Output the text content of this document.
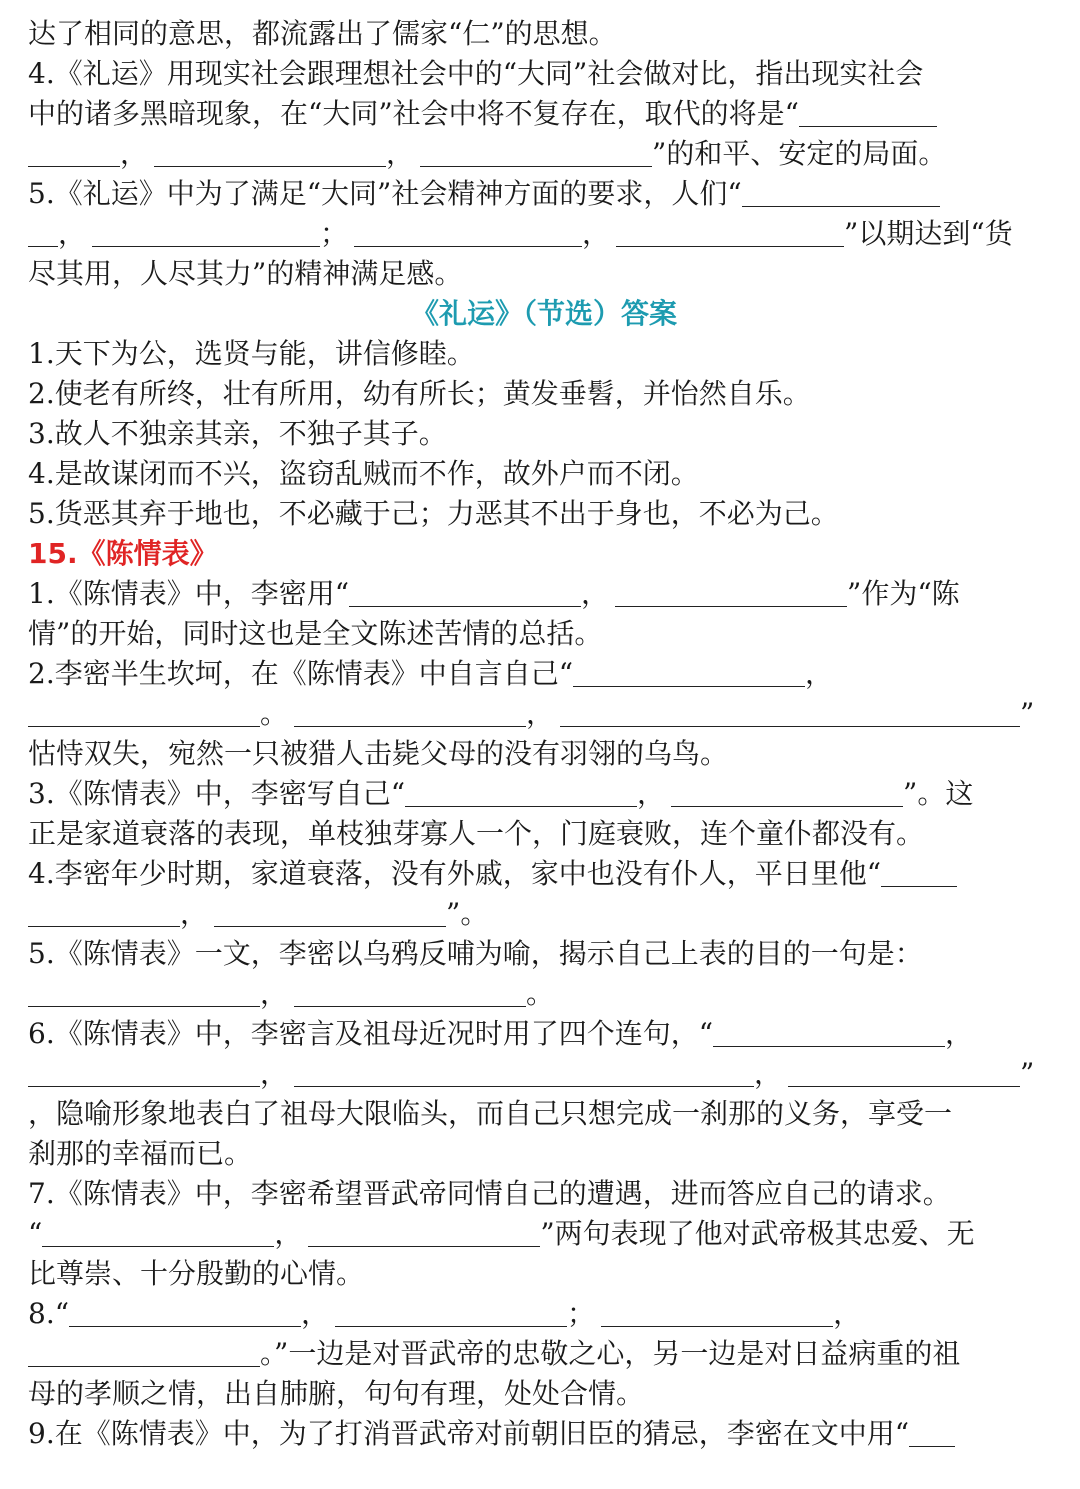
达了相同的意思，都流露出了儒家“仁”的思想。
4.《礼运》用现实社会跟理想社会中的“大同”社会做对比，指出现实社会
中的诸多黑暗现象，在“大同”社会中将不复存在，取代的将是“
，	，	”的和平、安定的局面。
5.《礼运》中为了满足“大同”社会精神方面的要求，人们“
，	；	，	”以期达到“货
尽其用，人尽其力”的精神满足感。
《礼运》（节选）答案
1.天下为公，选贤与能，讲信修睦。
2.使老有所终，壮有所用，幼有所长；黄发垂髫，并怡然自乐。
3.故人不独亲其亲，不独子其子。
4.是故谋闭而不兴，盗窃乱贼而不作，故外户而不闭。
5.货恶其弃于地也，不必藏于己；力恶其不出于身也，不必为己。
15.《陈情表》
1.《陈情表》中，李密用“	，	”作为“陈
情”的开始，同时这也是全文陈述苦情的总括。
2.李密半生坎坷，在《陈情表》中自言自己“	，
。	，	”
怙恃双失，宛然一只被猎人击毙父母的没有羽翎的乌鸟。
3.《陈情表》中，李密写自己“	，	”。这
正是家道衰落的表现，单枝独芽寡人一个，门庭衰败，连个童仆都没有。
4.李密年少时期，家道衰落，没有外戚，家中也没有仆人，平日里他“
，	”。
5.《陈情表》一文，李密以乌鸦反哺为喻，揭示自己上表的目的一句是：
，	。
6.《陈情表》中，李密言及祖母近况时用了四个连句，“	，
，	，	”
，隐喻形象地表白了祖母大限临头，而自己只想完成一刹那的义务，享受一
刹那的幸福而已。
7.《陈情表》中，李密希望晋武帝同情自己的遭遇，进而答应自己的请求。
“	，	”两句表现了他对武帝极其忠爱、无
比尊崇、十分殷勤的心情。
8.“	，	；	，
。”一边是对晋武帝的忠敬之心，另一边是对日益病重的祖
母的孝顺之情，出自肺腑，句句有理，处处合情。
9.在《陈情表》中，为了打消晋武帝对前朝旧臣的猜忌，李密在文中用“
